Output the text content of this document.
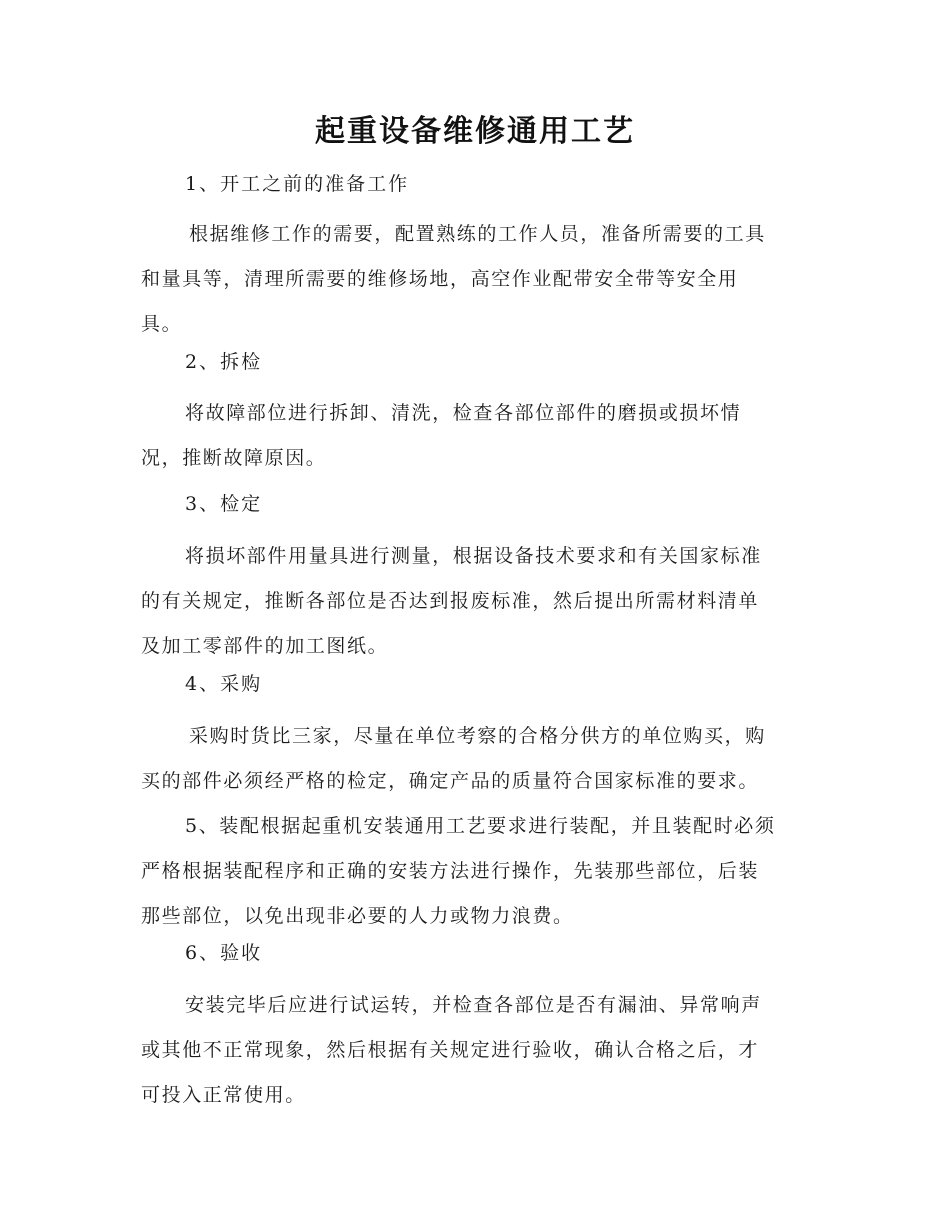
起重设备维修通用工艺
1、开工之前的准备工作
根据维修工作的需要，配置熟练的工作人员，准备所需要的工具
和量具等，清理所需要的维修场地，高空作业配带安全带等安全用
具。
2、拆检
将故障部位进行拆卸、清洗，检查各部位部件的磨损或损坏情
况，推断故障原因。
3、检定
将损坏部件用量具进行测量，根据设备技术要求和有关国家标准
的有关规定，推断各部位是否达到报废标准，然后提出所需材料清单
及加工零部件的加工图纸。
4、采购
采购时货比三家，尽量在单位考察的合格分供方的单位购买，购
买的部件必须经严格的检定，确定产品的质量符合国家标准的要求。
5、装配根据起重机安装通用工艺要求进行装配，并且装配时必须
严格根据装配程序和正确的安装方法进行操作，先装那些部位，后装
那些部位，以免出现非必要的人力或物力浪费。
6、验收
安装完毕后应进行试运转，并检查各部位是否有漏油、异常响声
或其他不正常现象，然后根据有关规定进行验收，确认合格之后，才
可投入正常使用。
